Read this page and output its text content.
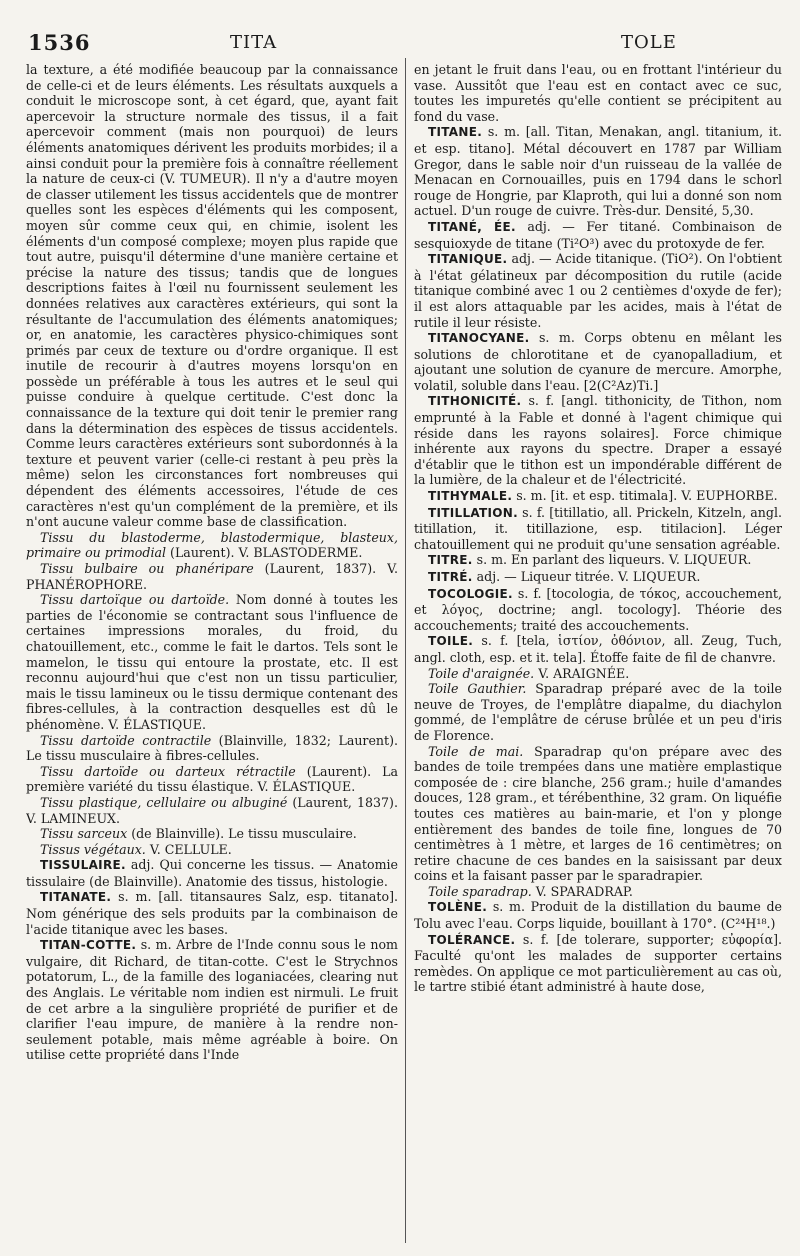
1536	TITA	TOLE

la texture, a été modifiée beaucoup par la connaissance de celle-ci et de leurs éléments. Les résultats auxquels a conduit le microscope sont, à cet égard, que, ayant fait apercevoir la structure normale des tissus, il a fait apercevoir comment (mais non pourquoi) de leurs éléments anatomiques dérivent les produits morbides; il a ainsi conduit pour la première fois à connaître réellement la nature de ceux-ci (V. TUMEUR). Il n'y a d'autre moyen de classer utilement les tissus accidentels que de montrer quelles sont les espèces d'éléments qui les composent, moyen sûr comme ceux qui, en chimie, isolent les éléments d'un composé complexe; moyen plus rapide que tout autre, puisqu'il détermine d'une manière certaine et précise la nature des tissus; tandis que de longues descriptions faites à l'œil nu fournissent seulement les données relatives aux caractères extérieurs, qui sont la résultante de l'accumulation des éléments anatomiques; or, en anatomie, les caractères physico-chimiques sont primés par ceux de texture ou d'ordre organique. Il est inutile de recourir à d'autres moyens lorsqu'on en possède un préférable à tous les autres et le seul qui puisse conduire à quelque certitude. C'est donc la connaissance de la texture qui doit tenir le premier rang dans la détermination des espèces de tissus accidentels. Comme leurs caractères extérieurs sont subordonnés à la texture et peuvent varier (celle-ci restant à peu près la même) selon les circonstances fort nombreuses qui dépendent des éléments accessoires, l'étude de ces caractères n'est qu'un complément de la première, et ils n'ont aucune valeur comme base de classification.

Tissu du blastoderme, blastodermique, blasteux, primaire ou primodial (Laurent). V. BLASTODERME.

Tissu bulbaire ou phanéripare (Laurent, 1837). V. PHANÉROPHORE.

Tissu dartoïque ou dartoïde. Nom donné à toutes les parties de l'économie se contractant sous l'influence de certaines impressions morales, du froid, du chatouillement, etc., comme le fait le dartos. Tels sont le mamelon, le tissu qui entoure la prostate, etc. Il est reconnu aujourd'hui que c'est non un tissu particulier, mais le tissu lamineux ou le tissu dermique contenant des fibres-cellules, à la contraction desquelles est dû le phénomène. V. ÉLASTIQUE.

Tissu dartoïde contractile (Blainville, 1832; Laurent). Le tissu musculaire à fibres-cellules.

Tissu dartoïde ou darteux rétractile (Laurent). La première variété du tissu élastique. V. ÉLASTIQUE.

Tissu plastique, cellulaire ou albuginé (Laurent, 1837). V. LAMINEUX.

Tissu sarceux (de Blainville). Le tissu musculaire.

Tissus végétaux. V. CELLULE.

TISSULAIRE. adj. Qui concerne les tissus. — Anatomie tissulaire (de Blainville). Anatomie des tissus, histologie.

TITANATE. s. m. [all. titansaures Salz, esp. titanato]. Nom générique des sels produits par la combinaison de l'acide titanique avec les bases.

TITAN-COTTE. s. m. Arbre de l'Inde connu sous le nom vulgaire, dit Richard, de titan-cotte. C'est le Strychnos potatorum, L., de la famille des loganiacées, clearing nut des Anglais. Le véritable nom indien est nirmuli. Le fruit de cet arbre a la singulière propriété de purifier et de clarifier l'eau impure, de manière à la rendre non-seulement potable, mais même agréable à boire. On utilise cette propriété dans l'Inde

en jetant le fruit dans l'eau, ou en frottant l'intérieur du vase. Aussitôt que l'eau est en contact avec ce suc, toutes les impuretés qu'elle contient se précipitent au fond du vase.

TITANE. s. m. [all. Titan, Menakan, angl. titanium, it. et esp. titano]. Métal découvert en 1787 par William Gregor, dans le sable noir d'un ruisseau de la vallée de Menacan en Cornouailles, puis en 1794 dans le schorl rouge de Hongrie, par Klaproth, qui lui a donné son nom actuel. D'un rouge de cuivre. Très-dur. Densité, 5,30.

TITANÉ, ÉE. adj. — Fer titané. Combinaison de sesquioxyde de titane (Ti²O³) avec du protoxyde de fer.

TITANIQUE. adj. — Acide titanique. (TiO²). On l'obtient à l'état gélatineux par décomposition du rutile (acide titanique combiné avec 1 ou 2 centièmes d'oxyde de fer); il est alors attaquable par les acides, mais à l'état de rutile il leur résiste.

TITANOCYANE. s. m. Corps obtenu en mêlant les solutions de chlorotitane et de cyanopalladium, et ajoutant une solution de cyanure de mercure. Amorphe, volatil, soluble dans l'eau. [2(C²Az)Ti.]

TITHONICITÉ. s. f. [angl. tithonicity, de Tithon, nom emprunté à la Fable et donné à l'agent chimique qui réside dans les rayons solaires]. Force chimique inhérente aux rayons du spectre. Draper a essayé d'établir que le tithon est un impondérable différent de la lumière, de la chaleur et de l'électricité.

TITHYMALE. s. m. [it. et esp. titimala]. V. EUPHORBE.

TITILLATION. s. f. [titillatio, all. Prickeln, Kitzeln, angl. titillation, it. titillazione, esp. titilacion]. Léger chatouillement qui ne produit qu'une sensation agréable.

TITRE. s. m. En parlant des liqueurs. V. LIQUEUR.

TITRÉ. adj. — Liqueur titrée. V. LIQUEUR.

TOCOLOGIE. s. f. [tocologia, de τόκος, accouchement, et λόγος, doctrine; angl. tocology]. Théorie des accouchements; traité des accouchements.

TOILE. s. f. [tela, ἱστίον, ὀθόνιον, all. Zeug, Tuch, angl. cloth, esp. et it. tela]. Étoffe faite de fil de chanvre.

Toile d'araignée. V. ARAIGNÉE.

Toile Gauthier. Sparadrap préparé avec de la toile neuve de Troyes, de l'emplâtre diapalme, du diachylon gommé, de l'emplâtre de céruse brûlée et un peu d'iris de Florence.

Toile de mai. Sparadrap qu'on prépare avec des bandes de toile trempées dans une matière emplastique composée de : cire blanche, 256 gram.; huile d'amandes douces, 128 gram., et térébenthine, 32 gram. On liquéfie toutes ces matières au bain-marie, et l'on y plonge entièrement des bandes de toile fine, longues de 70 centimètres à 1 mètre, et larges de 16 centimètres; on retire chacune de ces bandes en la saisissant par deux coins et la faisant passer par le sparadrapier.

Toile sparadrap. V. SPARADRAP.

TOLÈNE. s. m. Produit de la distillation du baume de Tolu avec l'eau. Corps liquide, bouillant à 170°. (C²⁴H¹⁸.)

TOLÉRANCE. s. f. [de tolerare, supporter; εὐφορία]. Faculté qu'ont les malades de supporter certains remèdes. On applique ce mot particulièrement au cas où, le tartre stibié étant administré à haute dose,
